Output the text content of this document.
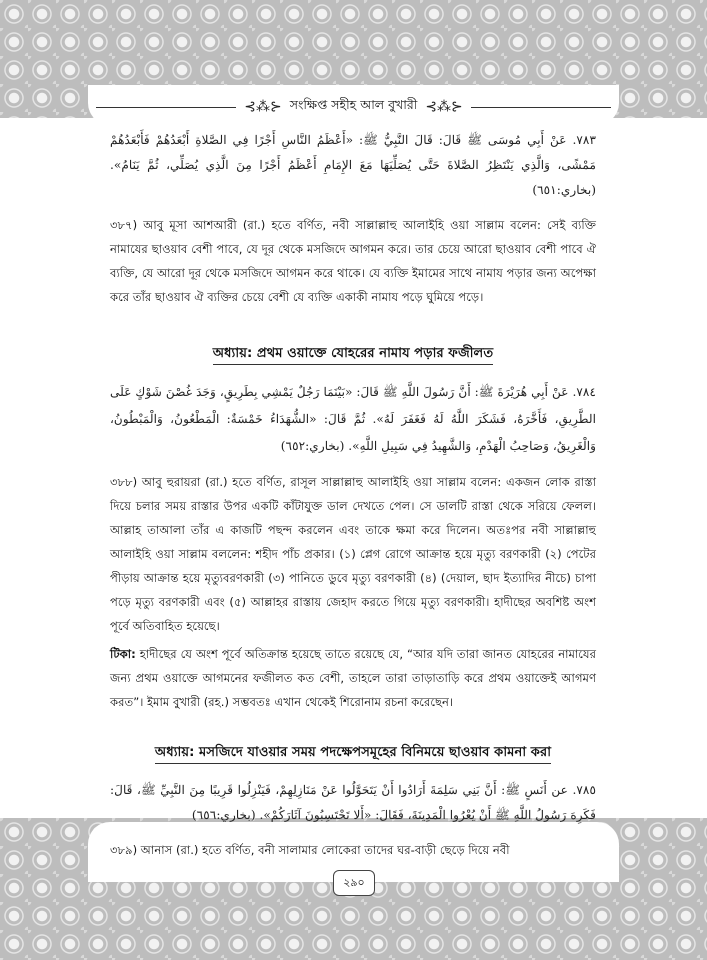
⊰⁂⊱ সংক্ষিপ্ত সহীহ আল বুখারী ⊰⁂⊱

٧٨٣. عَنْ أَبِي مُوسَى ﷺ قَالَ: قَالَ النَّبِيُّ ﷺ: «أَعْظَمُ النَّاسِ أَجْرًا فِي الصَّلاةِ أَبْعَدُهُمْ فَأَبْعَدُهُمْ مَمْشًى، وَالَّذِي يَنْتَظِرُ الصَّلاةَ حَتَّى يُصَلِّيَهَا مَعَ الإِمَامِ أَعْظَمُ أَجْرًا مِنَ الَّذِي يُصَلِّي، ثُمَّ يَنَامُ». (بخاري:٦٥١)

৩৮৭) আবু মূসা আশআরী (রা.) হতে বর্ণিত, নবী সাল্লাল্লাহু আলাইহি ওয়া সাল্লাম বলেন: সেই ব্যক্তি নামাযের ছাওয়াব বেশী পাবে, যে দূর থেকে মসজিদে আগমন করে। তার চেয়ে আরো ছাওয়াব বেশী পাবে ঐ ব্যক্তি, যে আরো দূর থেকে মসজিদে আগমন করে থাকে। যে ব্যক্তি ইমামের সাথে নামায পড়ার জন্য অপেক্ষা করে তাঁর ছাওয়াব ঐ ব্যক্তির চেয়ে বেশী যে ব্যক্তি একাকী নামায পড়ে ঘুমিয়ে পড়ে।

অধ্যায়: প্রথম ওয়াক্তে যোহরের নামায পড়ার ফজীলত

٧٨٤. عَنْ أَبِي هُرَيْرَةَ ﷺ: أَنَّ رَسُولَ اللَّهِ ﷺ قَالَ: «بَيْنَمَا رَجُلٌ يَمْشِي بِطَرِيقٍ، وَجَدَ غُصْنَ شَوْكٍ عَلَى الطَّرِيقِ، فَأَخَّرَهُ، فَشَكَرَ اللَّهُ لَهُ فَغَفَرَ لَهُ». ثُمَّ قَالَ: «الشُّهَدَاءُ خَمْسَةٌ: الْمَطْعُونُ، وَالْمَبْطُونُ، وَالْغَرِيقُ، وَصَاحِبُ الْهَدْمِ، وَالشَّهِيدُ فِي سَبِيلِ اللَّهِ». (بخاري:٦٥٢)

৩৮৮) আবু হুরায়রা (রা.) হতে বর্ণিত, রাসূল সাল্লাল্লাহু আলাইহি ওয়া সাল্লাম বলেন: একজন লোক রাস্তা দিয়ে চলার সময় রাস্তার উপর একটি কাঁটাযুক্ত ডাল দেখতে পেল। সে ডালটি রাস্তা থেকে সরিয়ে ফেলল। আল্লাহ তাআলা তাঁর এ কাজটি পছন্দ করলেন এবং তাকে ক্ষমা করে দিলেন। অতঃপর নবী সাল্লাল্লাহু আলাইহি ওয়া সাল্লাম বললেন: শহীদ পাঁচ প্রকার। (১) প্লেগ রোগে আক্রান্ত হয়ে মৃত্যু বরণকারী (২) পেটের পীড়ায় আক্রান্ত হয়ে মৃত্যুবরণকারী (৩) পানিতে ডুবে মৃত্যু বরণকারী (৪) (দেয়াল, ছাদ ইত্যাদির নীচে) চাপা পড়ে মৃত্যু বরণকারী এবং (৫) আল্লাহর রাস্তায় জেহাদ করতে গিয়ে মৃত্যু বরণকারী। হাদীছের অবশিষ্ট অংশ পূর্বে অতিবাহিত হয়েছে।

টিকা: হাদীছের যে অংশ পূর্বে অতিক্রান্ত হয়েছে তাতে রয়েছে যে, “আর যদি তারা জানত যোহরের নামাযের জন্য প্রথম ওয়াক্তে আগমনের ফজীলত কত বেশী, তাহলে তারা তাড়াতাড়ি করে প্রথম ওয়াক্তেই আগমণ করত”। ইমাম বুখারী (রহ.) সম্ভবতঃ এখান থেকেই শিরোনাম রচনা করেছেন।

অধ্যায়: মসজিদে যাওয়ার সময় পদক্ষেপসমূহের বিনিময়ে ছাওয়াব কামনা করা

٧٨٥. عن أَنَسٍ ﷺ: أَنَّ بَنِي سَلِمَةَ أَرَادُوا أَنْ يَتَحَوَّلُوا عَنْ مَنَازِلِهِمْ، فَيَنْزِلُوا قَرِيبًا مِنَ النَّبِيِّ ﷺ، قَالَ: فَكَرِهَ رَسُولُ اللَّهِ ﷺ أَنْ يُعْرُوا الْمَدِينَةَ، فَقَالَ: «أَلا تَحْتَسِبُونَ آثَارَكُمْ». (بخاري:٦٥٦)

৩৮৯) আনাস (রা.) হতে বর্ণিত, বনী সালামার লোকেরা তাদের ঘর-বাড়ী ছেড়ে দিয়ে নবী

২৯০
